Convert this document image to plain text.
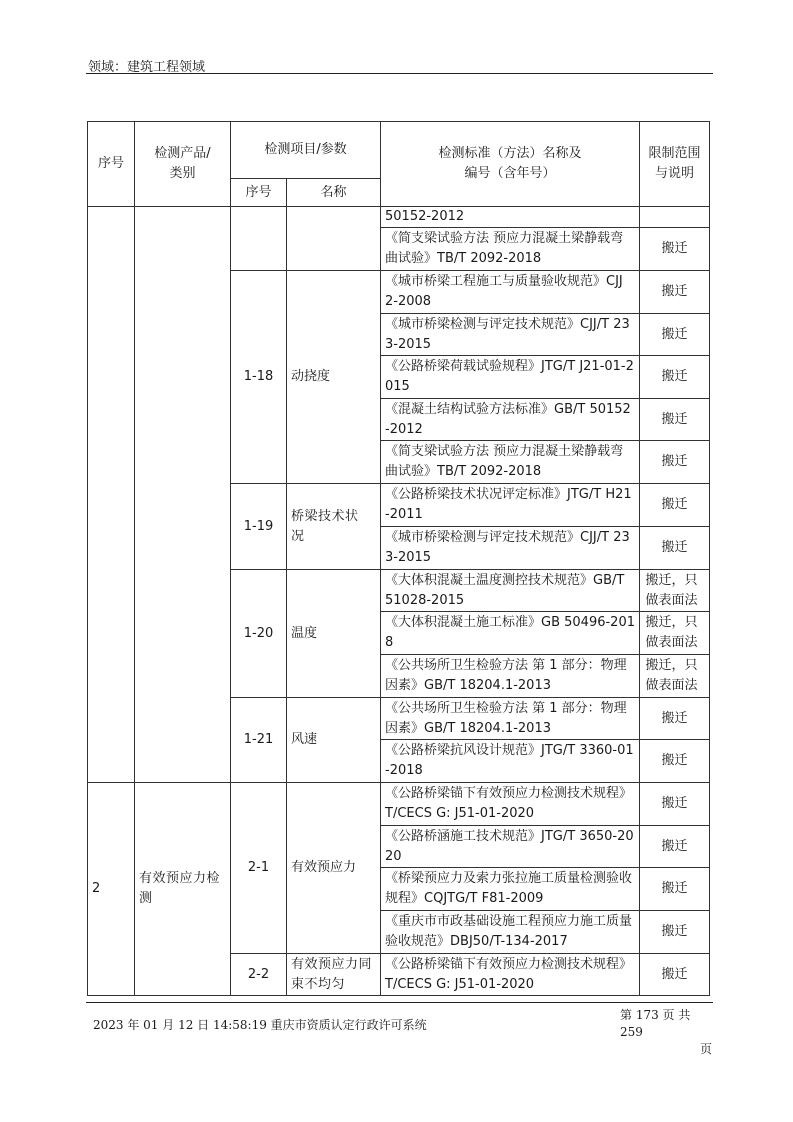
领域：建筑工程领域
序号	检测产品/类别	检测项目/参数		检测标准（方法）名称及编号（含年号）	限制范围与说明

		序号	名称		
				50152-2012	
				《简支梁试验方法 预应力混凝土梁静载弯曲试验》TB/T 2092-2018	搬迁
		1-18	动挠度	《城市桥梁工程施工与质量验收规范》CJJ 2-2008	搬迁
				《城市桥梁检测与评定技术规范》CJJ/T 233-2015	搬迁
				《公路桥梁荷载试验规程》JTG/T J21-01-2015	搬迁
				《混凝土结构试验方法标准》GB/T 50152-2012	搬迁
				《简支梁试验方法 预应力混凝土梁静载弯曲试验》TB/T 2092-2018	搬迁
		1-19	桥梁技术状况	《公路桥梁技术状况评定标准》JTG/T H21-2011	搬迁
				《城市桥梁检测与评定技术规范》CJJ/T 233-2015	搬迁
		1-20	温度	《大体积混凝土温度测控技术规范》GB/T 51028-2015	搬迁，只做表面法

				《大体积混凝土施工标准》GB 50496-2018	搬迁，只做表面法

				《公共场所卫生检验方法 第 1 部分：物理因素》GB/T 18204.1-2013	搬迁，只做表面法

		1-21	风速	《公共场所卫生检验方法 第 1 部分：物理因素》GB/T 18204.1-2013	搬迁
				《公路桥梁抗风设计规范》JTG/T 3360-01-2018	搬迁
2	有效预应力检测	2-1	有效预应力	《公路桥梁锚下有效预应力检测技术规程》T/CECS G: J51-01-2020	搬迁
				《公路桥涵施工技术规范》JTG/T 3650-2020	搬迁
				《桥梁预应力及索力张拉施工质量检测验收规程》CQJTG/T F81-2009	搬迁
				《重庆市市政基础设施工程预应力施工质量验收规范》DBJ50/T-134-2017	搬迁
		2-2	有效预应力同束不均匀	《公路桥梁锚下有效预应力检测技术规程》T/CECS G: J51-01-2020	搬迁
2023 年 01 月 12 日 14:58:19 重庆市资质认定行政许可系统
第 173 页 共 259
页
